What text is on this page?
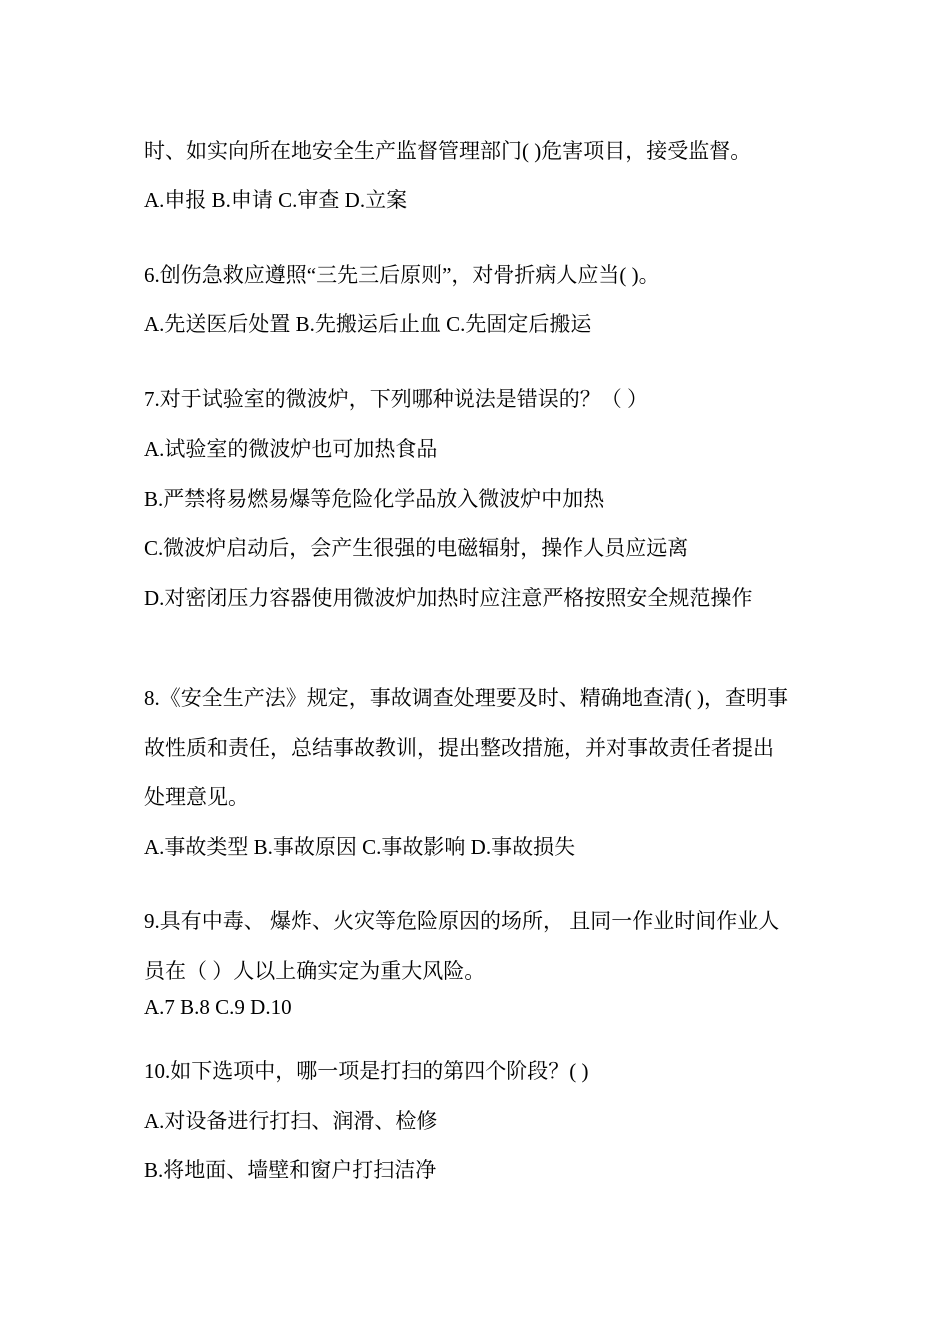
时、如实向所在地安全生产监督管理部门( )危害项目，接受监督。
A.申报 B.申请 C.审查 D.立案
6.创伤急救应遵照“三先三后原则”，对骨折病人应当( )。
A.先送医后处置 B.先搬运后止血 C.先固定后搬运
7.对于试验室的微波炉，下列哪种说法是错误的？（ ）
A.试验室的微波炉也可加热食品
B.严禁将易燃易爆等危险化学品放入微波炉中加热
C.微波炉启动后，会产生很强的电磁辐射，操作人员应远离
D.对密闭压力容器使用微波炉加热时应注意严格按照安全规范操作
8.《安全生产法》规定，事故调查处理要及时、精确地查清( )，查明事
故性质和责任，总结事故教训，提出整改措施，并对事故责任者提出
处理意见。
A.事故类型 B.事故原因 C.事故影响 D.事故损失
9.具有中毒、 爆炸、火灾等危险原因的场所， 且同一作业时间作业人
员在（ ）人以上确实定为重大风险。
A.7 B.8 C.9 D.10
10.如下选项中，哪一项是打扫的第四个阶段？( )
A.对设备进行打扫、润滑、检修
B.将地面、墙壁和窗户打扫洁净
